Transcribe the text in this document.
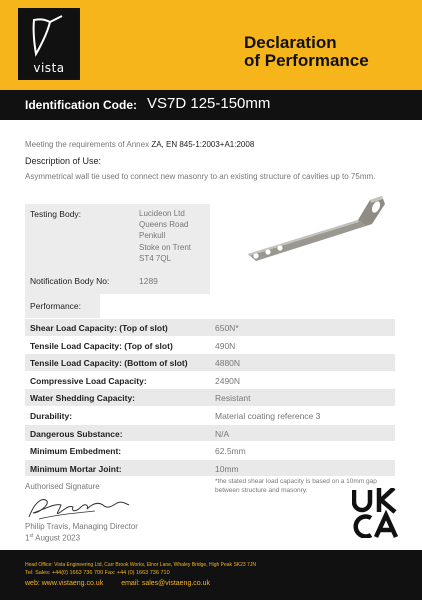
vista
Declaration
of Performance
Identification Code: VS7D 125-150mm
Meeting the requirements of Annex ZA, EN 845-1:2003+A1:2008
Description of Use:
Asymmetrical wall tie used to connect new masonry to an existing structure of cavities up to 75mm.
Testing Body:	Lucideon Ltd
Queens Road
Penkull
Stoke on Trent
ST4 7QL
Notification Body No:	1289
Performance:
Shear Load Capacity: (Top of slot)	650N*
Tensile Load Capacity: (Top of slot)	490N
Tensile Load Capacity: (Bottom of slot)	4880N
Compressive Load Capacity:	2490N
Water Shedding Capacity:	Resistant
Durability:	Material coating reference 3
Dangerous Substance:	N/A
Minimum Embedment:	62.5mm
Minimum Mortar Joint:	10mm
Authorised Signature
Philip Travis, Managing Director
1st August 2023
*the stated shear load capacity is based on a 10mm gap between structure and masonry.
Head Office: Vista Engineering Ltd, Carr Brook Works, Elnor Lane, Whaley Bridge, High Peak SK23 7JN
Tel: Sales: +44(0) 1663 736 700 Fax: +44 (0) 1663 736 710
web: www.vistaeng.co.uk	email: sales@vistaeng.co.uk
